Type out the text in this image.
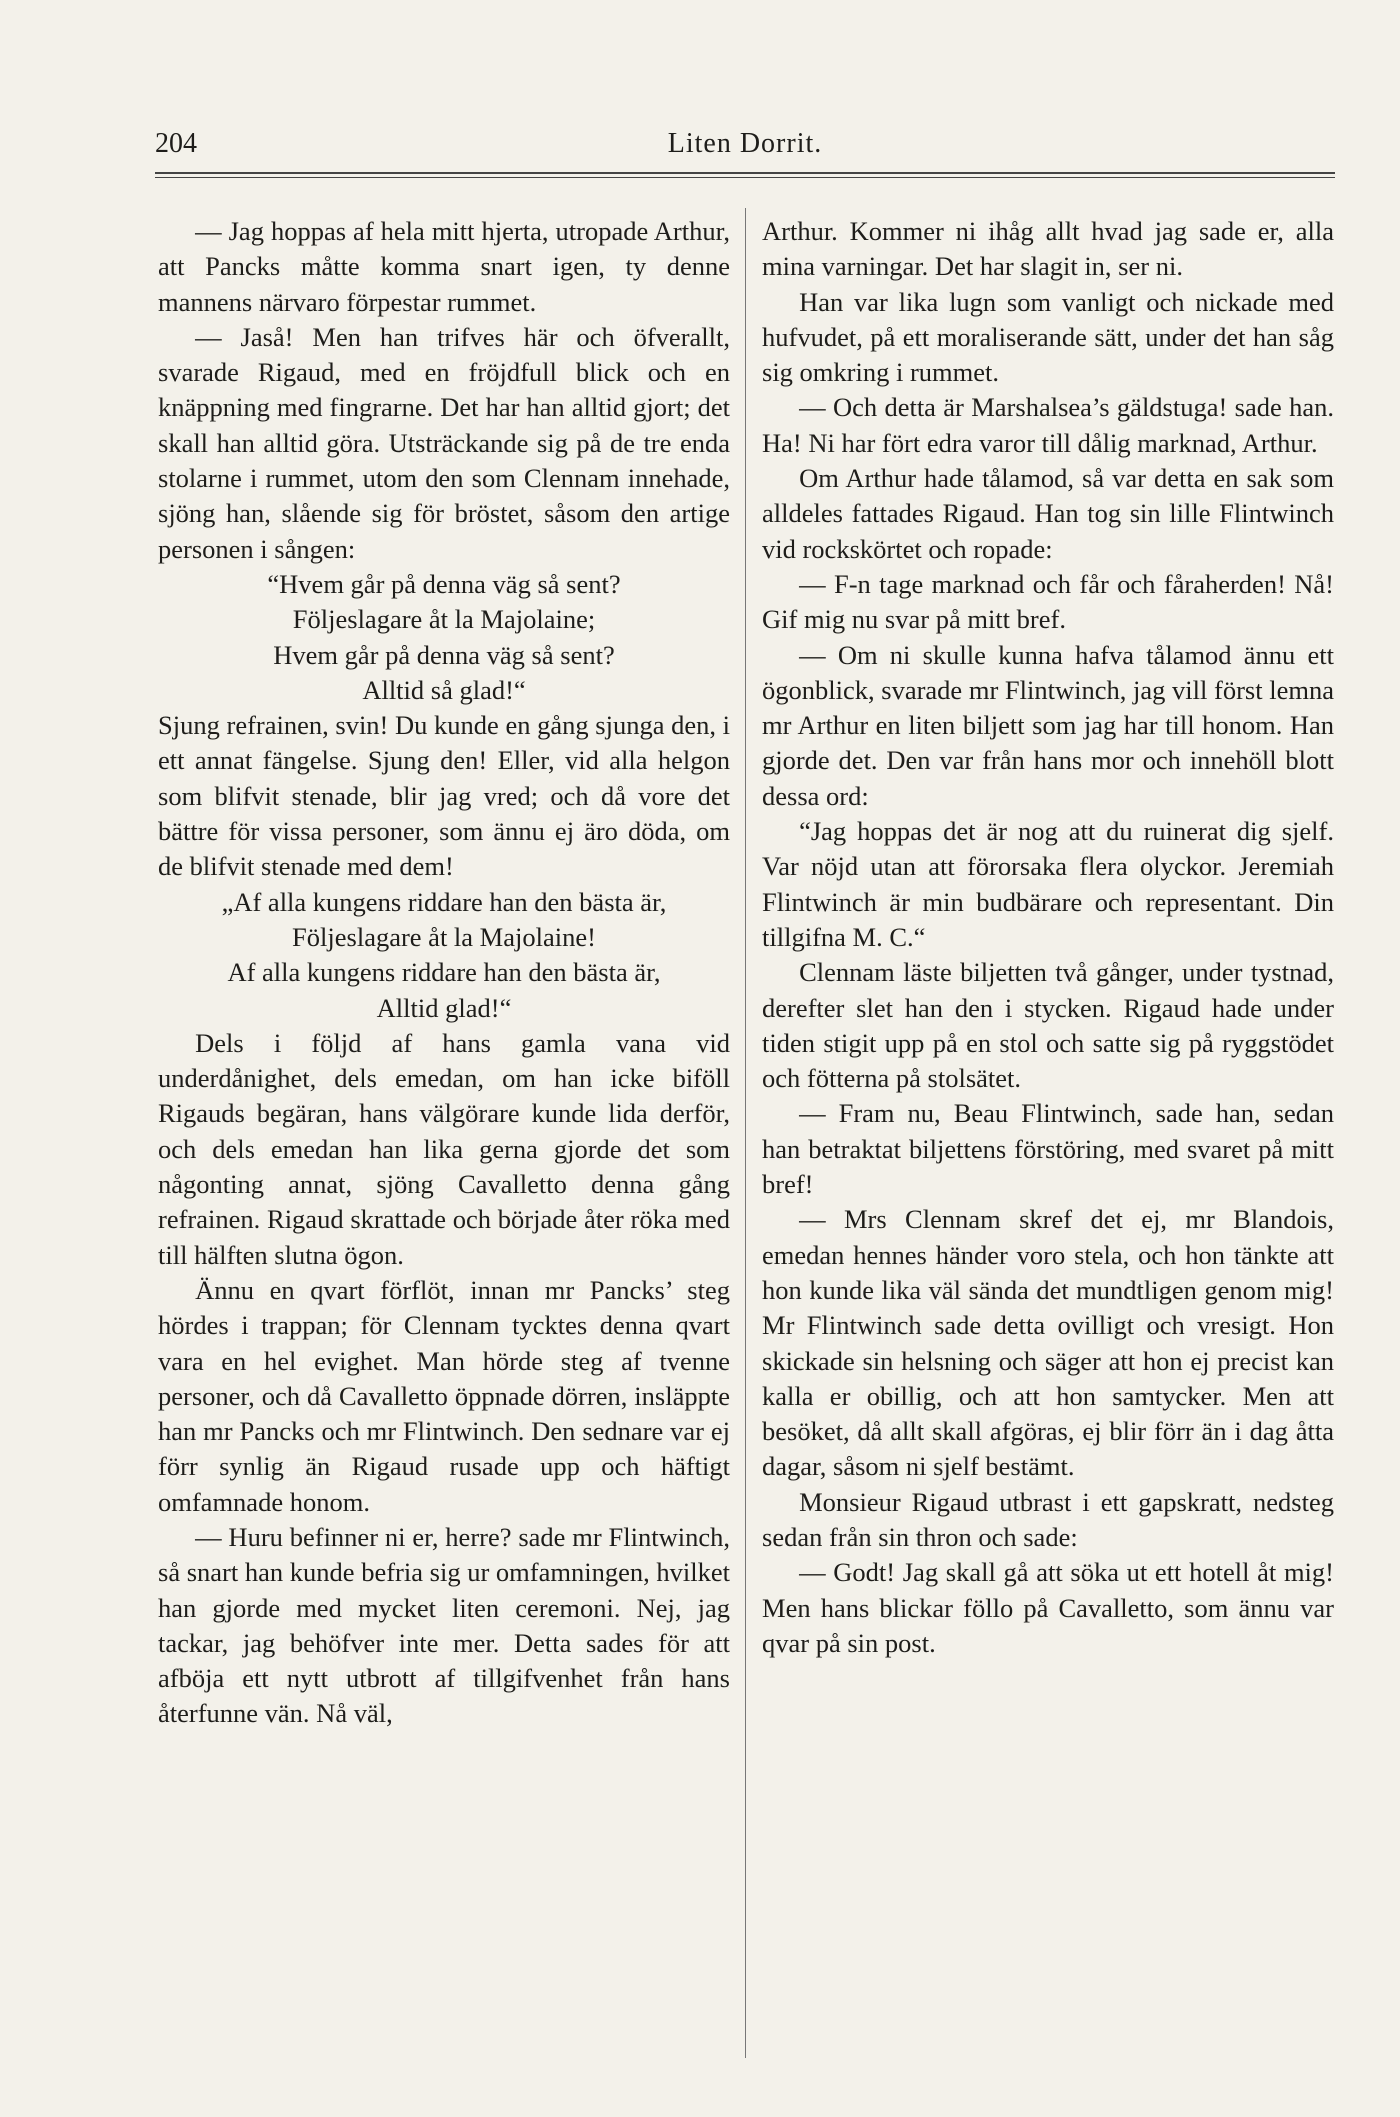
204	Liten Dorrit.

— Jag hoppas af hela mitt hjerta, utropade Arthur, att Pancks måtte komma snart igen, ty denne mannens närvaro förpestar rummet.

— Jaså! Men han trifves här och öfverallt, svarade Rigaud, med en fröjdfull blick och en knäppning med fingrarne. Det har han alltid gjort; det skall han alltid göra. Utsträckande sig på de tre enda stolarne i rummet, utom den som Clennam innehade, sjöng han, slående sig för bröstet, såsom den artige personen i sången:

“Hvem går på denna väg så sent?

Följeslagare åt la Majolaine;

Hvem går på denna väg så sent?

Alltid så glad!“

Sjung refrainen, svin! Du kunde en gång sjunga den, i ett annat fängelse. Sjung den! Eller, vid alla helgon som blifvit stenade, blir jag vred; och då vore det bättre för vissa personer, som ännu ej äro döda, om de blifvit stenade med dem!

„Af alla kungens riddare han den bästa är,

Följeslagare åt la Majolaine!

Af alla kungens riddare han den bästa är,

Alltid glad!“

Dels i följd af hans gamla vana vid underdånighet, dels emedan, om han icke biföll Rigauds begäran, hans välgörare kunde lida derför, och dels emedan han lika gerna gjorde det som någonting annat, sjöng Cavalletto denna gång refrainen. Rigaud skrattade och började åter röka med till hälften slutna ögon.

Ännu en qvart förflöt, innan mr Pancks’ steg hördes i trappan; för Clennam tycktes denna qvart vara en hel evighet. Man hörde steg af tvenne personer, och då Cavalletto öppnade dörren, insläppte han mr Pancks och mr Flintwinch. Den sednare var ej förr synlig än Rigaud rusade upp och häftigt omfamnade honom.

— Huru befinner ni er, herre? sade mr Flintwinch, så snart han kunde befria sig ur omfamningen, hvilket han gjorde med mycket liten ceremoni. Nej, jag tackar, jag behöfver inte mer. Detta sades för att afböja ett nytt utbrott af tillgifvenhet från hans återfunne vän. Nå väl,

Arthur. Kommer ni ihåg allt hvad jag sade er, alla mina varningar. Det har slagit in, ser ni.

Han var lika lugn som vanligt och nickade med hufvudet, på ett moraliserande sätt, under det han såg sig omkring i rummet.

— Och detta är Marshalsea’s gäldstuga! sade han. Ha! Ni har fört edra varor till dålig marknad, Arthur.

Om Arthur hade tålamod, så var detta en sak som alldeles fattades Rigaud. Han tog sin lille Flintwinch vid rockskörtet och ropade:

— F-n tage marknad och får och fåraherden! Nå! Gif mig nu svar på mitt bref.

— Om ni skulle kunna hafva tålamod ännu ett ögonblick, svarade mr Flintwinch, jag vill först lemna mr Arthur en liten biljett som jag har till honom. Han gjorde det. Den var från hans mor och innehöll blott dessa ord:

“Jag hoppas det är nog att du ruinerat dig sjelf. Var nöjd utan att förorsaka flera olyckor. Jeremiah Flintwinch är min budbärare och representant. Din tillgifna M. C.“

Clennam läste biljetten två gånger, under tystnad, derefter slet han den i stycken. Rigaud hade under tiden stigit upp på en stol och satte sig på ryggstödet och fötterna på stolsätet.

— Fram nu, Beau Flintwinch, sade han, sedan han betraktat biljettens förstöring, med svaret på mitt bref!

— Mrs Clennam skref det ej, mr Blandois, emedan hennes händer voro stela, och hon tänkte att hon kunde lika väl sända det mundtligen genom mig! Mr Flintwinch sade detta ovilligt och vresigt. Hon skickade sin helsning och säger att hon ej precist kan kalla er obillig, och att hon samtycker. Men att besöket, då allt skall afgöras, ej blir förr än i dag åtta dagar, såsom ni sjelf bestämt.

Monsieur Rigaud utbrast i ett gapskratt, nedsteg sedan från sin thron och sade:

— Godt! Jag skall gå att söka ut ett hotell åt mig! Men hans blickar föllo på Cavalletto, som ännu var qvar på sin post.
